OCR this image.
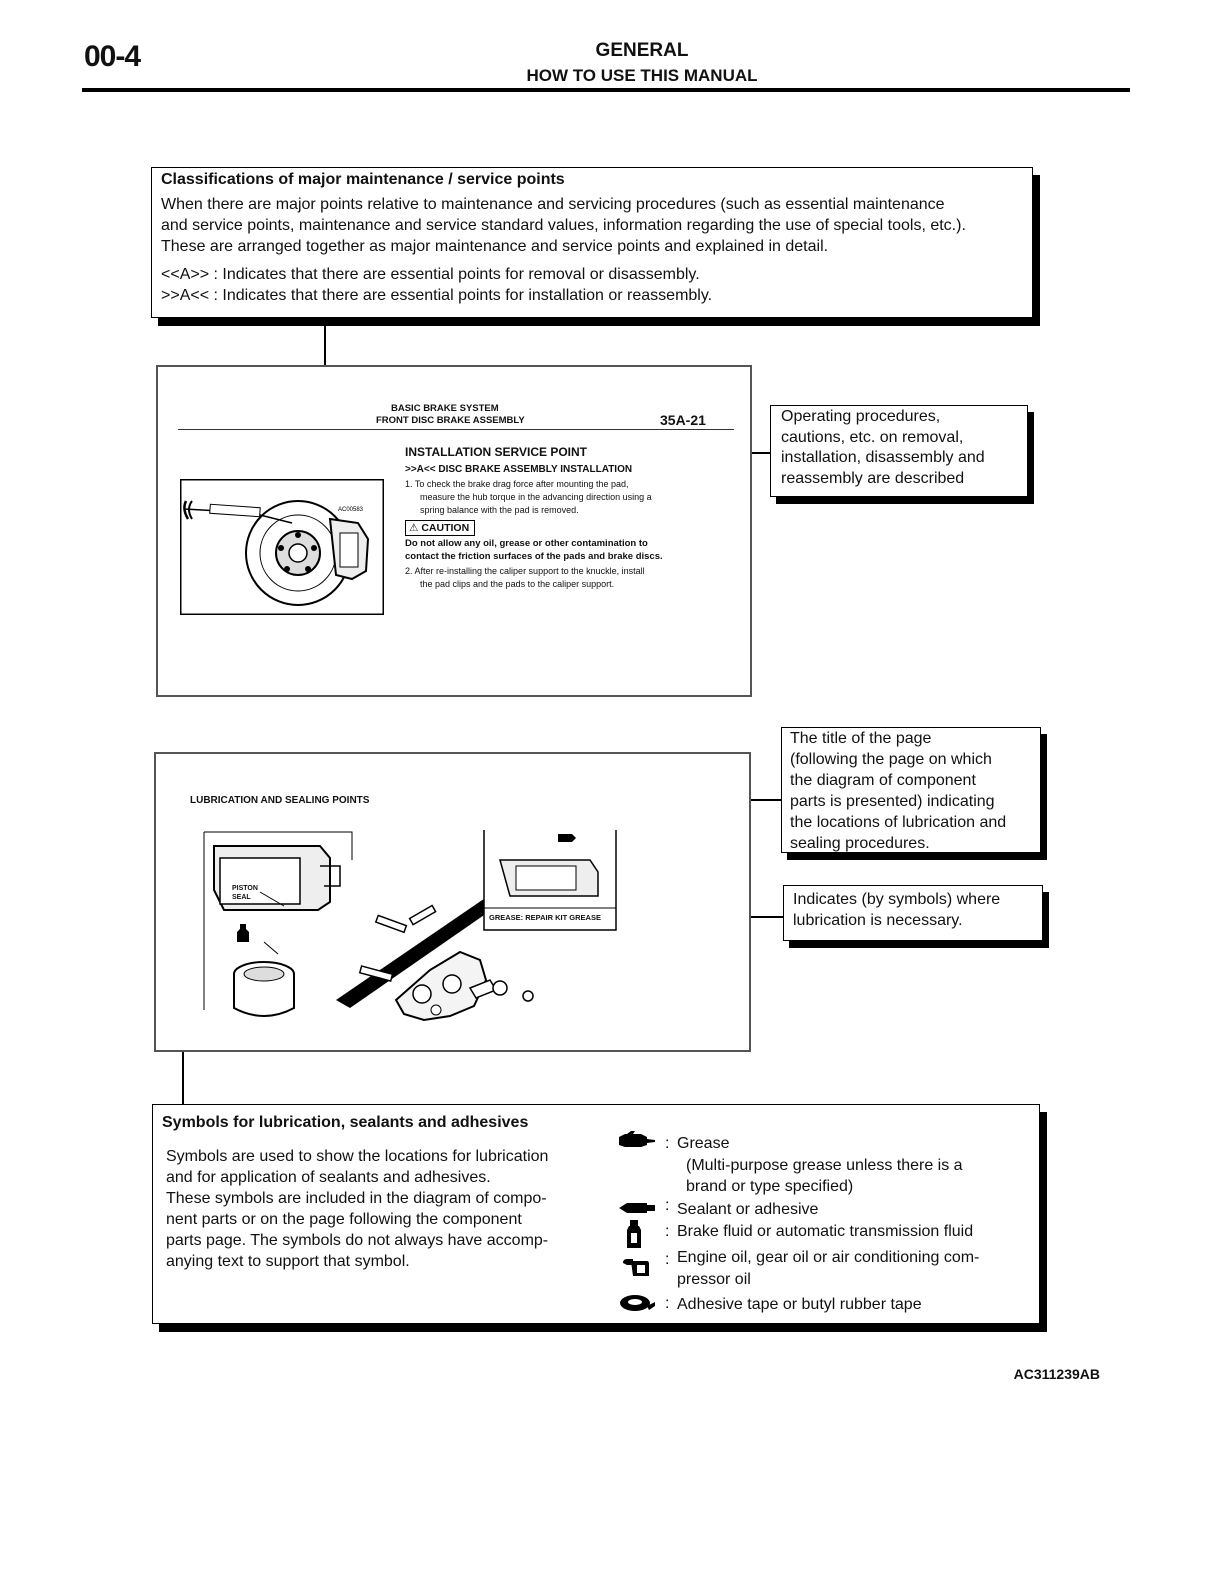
00-4	GENERAL
HOW TO USE THIS MANUAL
Classifications of major maintenance / service points
When there are major points relative to maintenance and servicing procedures (such as essential maintenance
and service points, maintenance and service standard values, information regarding the use of special tools, etc.).
These are arranged together as major maintenance and service points and explained in detail.
<<A>> : Indicates that there are essential points for removal or disassembly.
>>A<< : Indicates that there are essential points for installation or reassembly.
BASIC BRAKE SYSTEM
FRONT DISC BRAKE ASSEMBLY	35A-21
INSTALLATION SERVICE POINT
>>A<< DISC BRAKE ASSEMBLY INSTALLATION
1. To check the brake drag force after mounting the pad,
measure the hub torque in the advancing direction using a
spring balance with the pad is removed.
⚠ CAUTION
Do not allow any oil, grease or other contamination to
contact the friction surfaces of the pads and brake discs.
2. After re-installing the caliper support to the knuckle, install
the pad clips and the pads to the caliper support.
AC00583
Operating procedures,
cautions, etc. on removal,
installation, disassembly and
reassembly are described
LUBRICATION AND SEALING POINTS
PISTON
SEAL
GREASE: REPAIR KIT GREASE
The title of the page
(following the page on which
the diagram of component
parts is presented) indicating
the locations of lubrication and
sealing procedures.
Indicates (by symbols) where
lubrication is necessary.
Symbols for lubrication, sealants and adhesives
Symbols are used to show the locations for lubrication
and for application of sealants and adhesives.
These symbols are included in the diagram of compo-
nent parts or on the page following the component
parts page. The symbols do not always have accomp-
anying text to support that symbol.
: Grease
(Multi-purpose grease unless there is a
brand or type specified)
: Sealant or adhesive
: Brake fluid or automatic transmission fluid
: Engine oil, gear oil or air conditioning com-
pressor oil
: Adhesive tape or butyl rubber tape
AC311239AB
